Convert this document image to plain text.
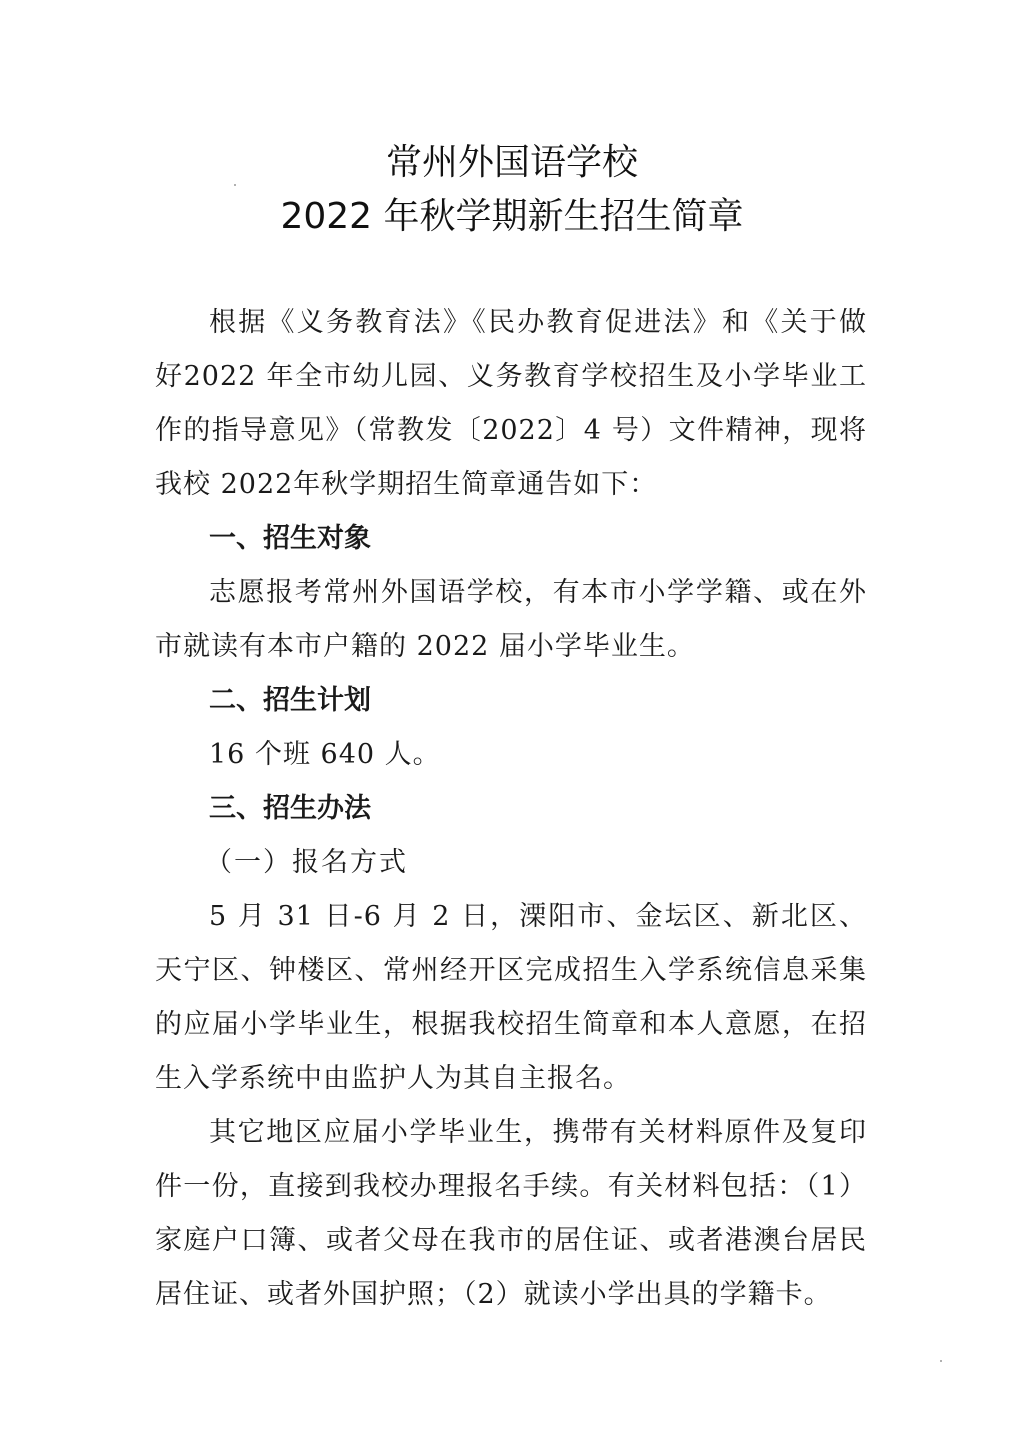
常州外国语学校
2022 年秋学期新生招生简章
根据《义务教育法》《民办教育促进法》和《关于做好2022 年全市幼儿园、义务教育学校招生及小学毕业工作的指导意见》（常教发〔2022〕4 号）文件精神，现将我校 2022年秋学期招生简章通告如下：
一、招生对象
志愿报考常州外国语学校，有本市小学学籍、或在外市就读有本市户籍的 2022 届小学毕业生。
二、招生计划
16 个班 640 人。
三、招生办法
（一）报名方式
5 月 31 日-6 月 2 日，溧阳市、金坛区、新北区、天宁区、钟楼区、常州经开区完成招生入学系统信息采集的应届小学毕业生，根据我校招生简章和本人意愿，在招生入学系统中由监护人为其自主报名。
其它地区应届小学毕业生，携带有关材料原件及复印件一份，直接到我校办理报名手续。有关材料包括：（1）家庭户口簿、或者父母在我市的居住证、或者港澳台居民居住证、或者外国护照；（2）就读小学出具的学籍卡。
